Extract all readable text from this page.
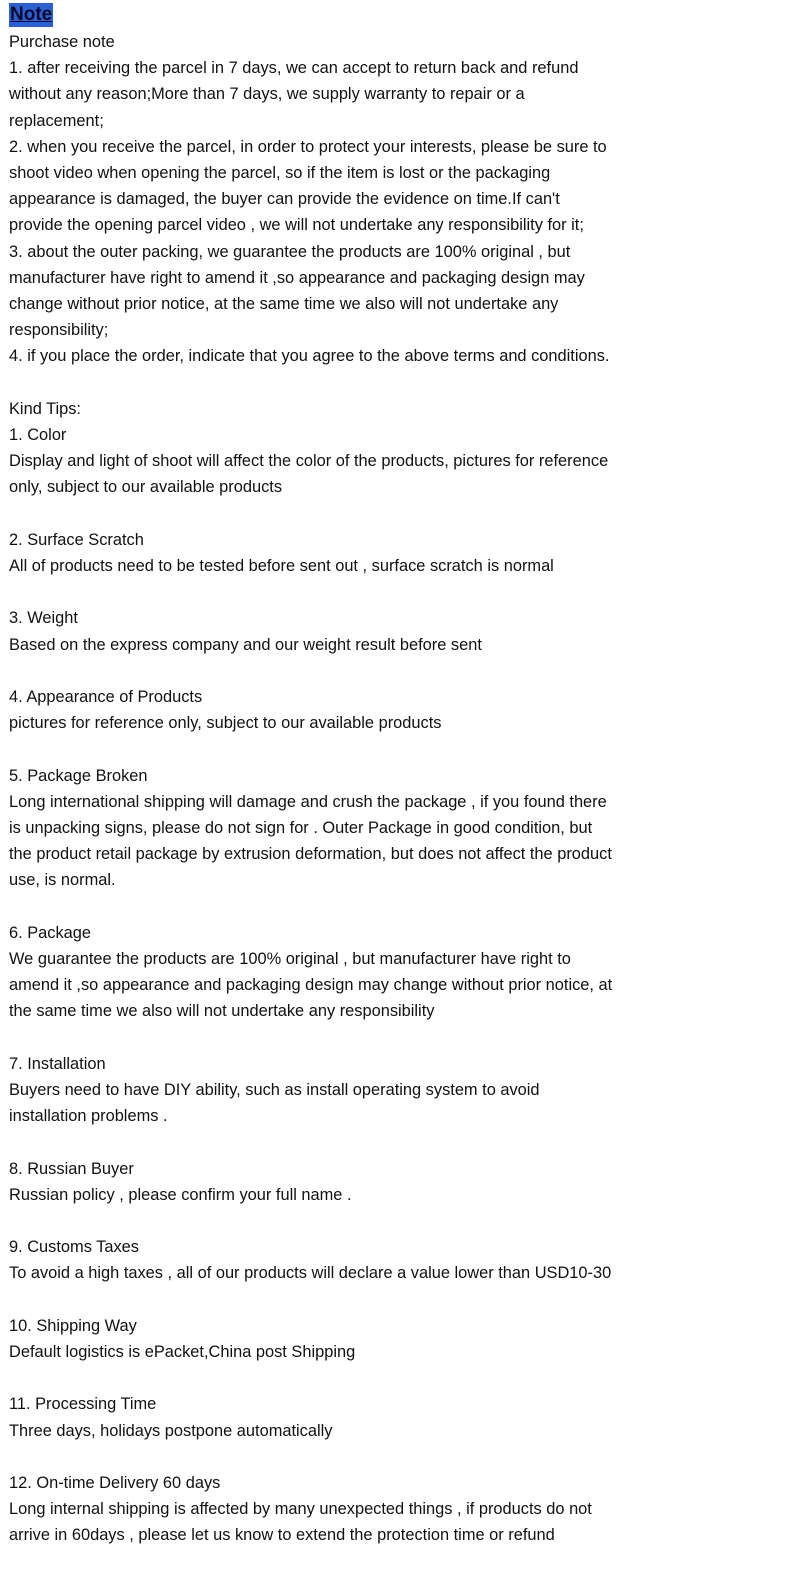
Note
Purchase note
1. after receiving the parcel in 7 days, we can accept to return back and refund
without any reason;More than 7 days, we supply warranty to repair or a
replacement;
2. when you receive the parcel, in order to protect your interests, please be sure to
shoot video when opening the parcel, so if the item is lost or the packaging
appearance is damaged, the buyer can provide the evidence on time.If can't
provide the opening parcel video , we will not undertake any responsibility for it;
3. about the outer packing, we guarantee the products are 100% original , but
manufacturer have right to amend it ,so appearance and packaging design may
change without prior notice, at the same time we also will not undertake any
responsibility;
4. if you place the order, indicate that you agree to the above terms and conditions.
Kind Tips:
1. Color
Display and light of shoot will affect the color of the products, pictures for reference
only, subject to our available products
2. Surface Scratch
All of products need to be tested before sent out , surface scratch is normal
3. Weight
Based on the express company and our weight result before sent
4. Appearance of Products
pictures for reference only, subject to our available products
5. Package Broken
Long international shipping will damage and crush the package , if you found there
is unpacking signs, please do not sign for . Outer Package in good condition, but
the product retail package by extrusion deformation, but does not affect the product
use, is normal.
6. Package
We guarantee the products are 100% original , but manufacturer have right to
amend it ,so appearance and packaging design may change without prior notice, at
the same time we also will not undertake any responsibility
7. Installation
Buyers need to have DIY ability, such as install operating system to avoid
installation problems .
8. Russian Buyer
Russian policy , please confirm your full name .
9. Customs Taxes
To avoid a high taxes , all of our products will declare a value lower than USD10-30
10. Shipping Way
Default logistics is ePacket,China post Shipping
11. Processing Time
Three days, holidays postpone automatically
12. On-time Delivery 60 days
Long internal shipping is affected by many unexpected things , if products do not
arrive in 60days , please let us know to extend the protection time or refund
